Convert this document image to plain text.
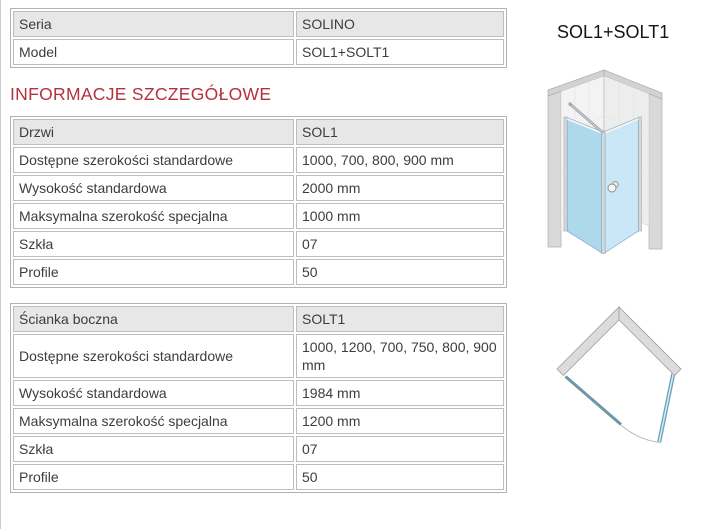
Seria	SOLINO
Model	SOL1+SOLT1
INFORMACJE SZCZEGÓŁOWE
Drzwi	SOL1
Dostępne szerokości standardowe	1000, 700, 800, 900 mm
Wysokość standardowa	2000 mm
Maksymalna szerokość specjalna	1000 mm
Szkła	07
Profile	50
Ścianka boczna	SOLT1
Dostępne szerokości standardowe	1000, 1200, 700, 750, 800, 900 mm
Wysokość standardowa	1984 mm
Maksymalna szerokość specjalna	1200 mm
Szkła	07
Profile	50
SOL1+SOLT1
